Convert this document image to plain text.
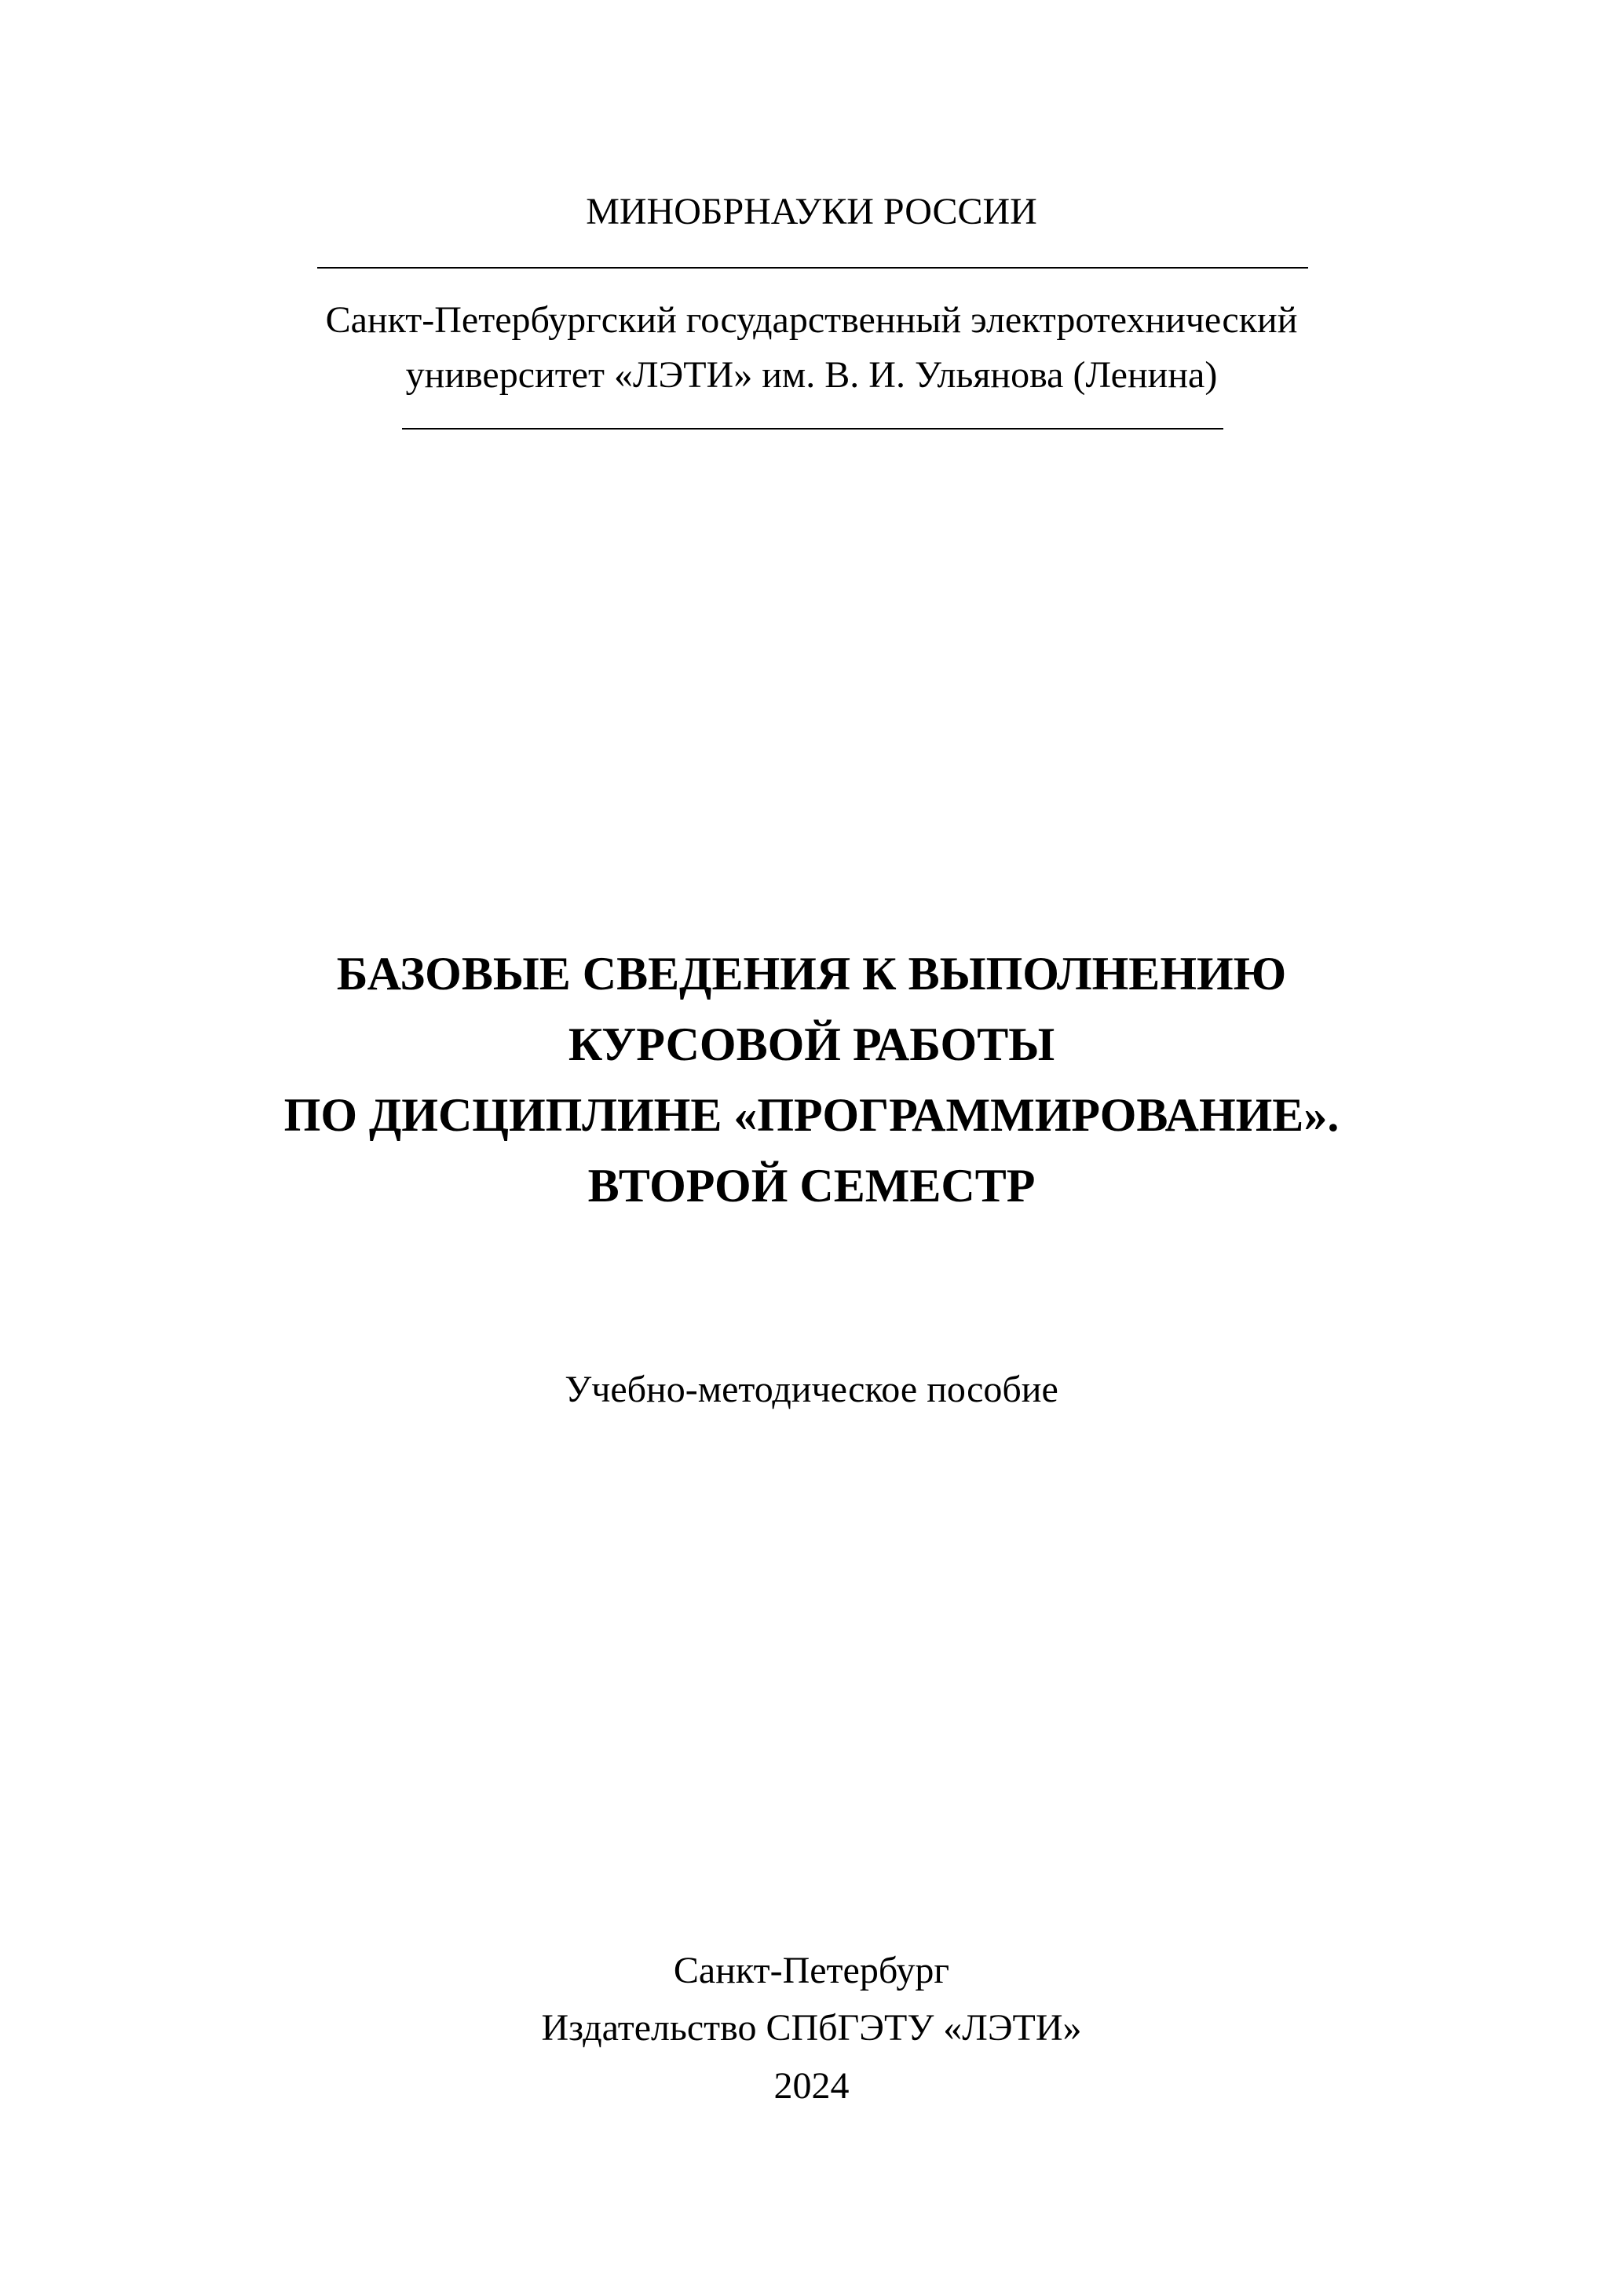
МИНОБРНАУКИ РОССИИ
Санкт-Петербургский государственный электротехнический
университет «ЛЭТИ» им. В. И. Ульянова (Ленина)
БАЗОВЫЕ СВЕДЕНИЯ К ВЫПОЛНЕНИЮ
КУРСОВОЙ РАБОТЫ
ПО ДИСЦИПЛИНЕ «ПРОГРАММИРОВАНИЕ».
ВТОРОЙ СЕМЕСТР
Учебно-методическое пособие
Санкт-Петербург
Издательство СПбГЭТУ «ЛЭТИ»
2024
